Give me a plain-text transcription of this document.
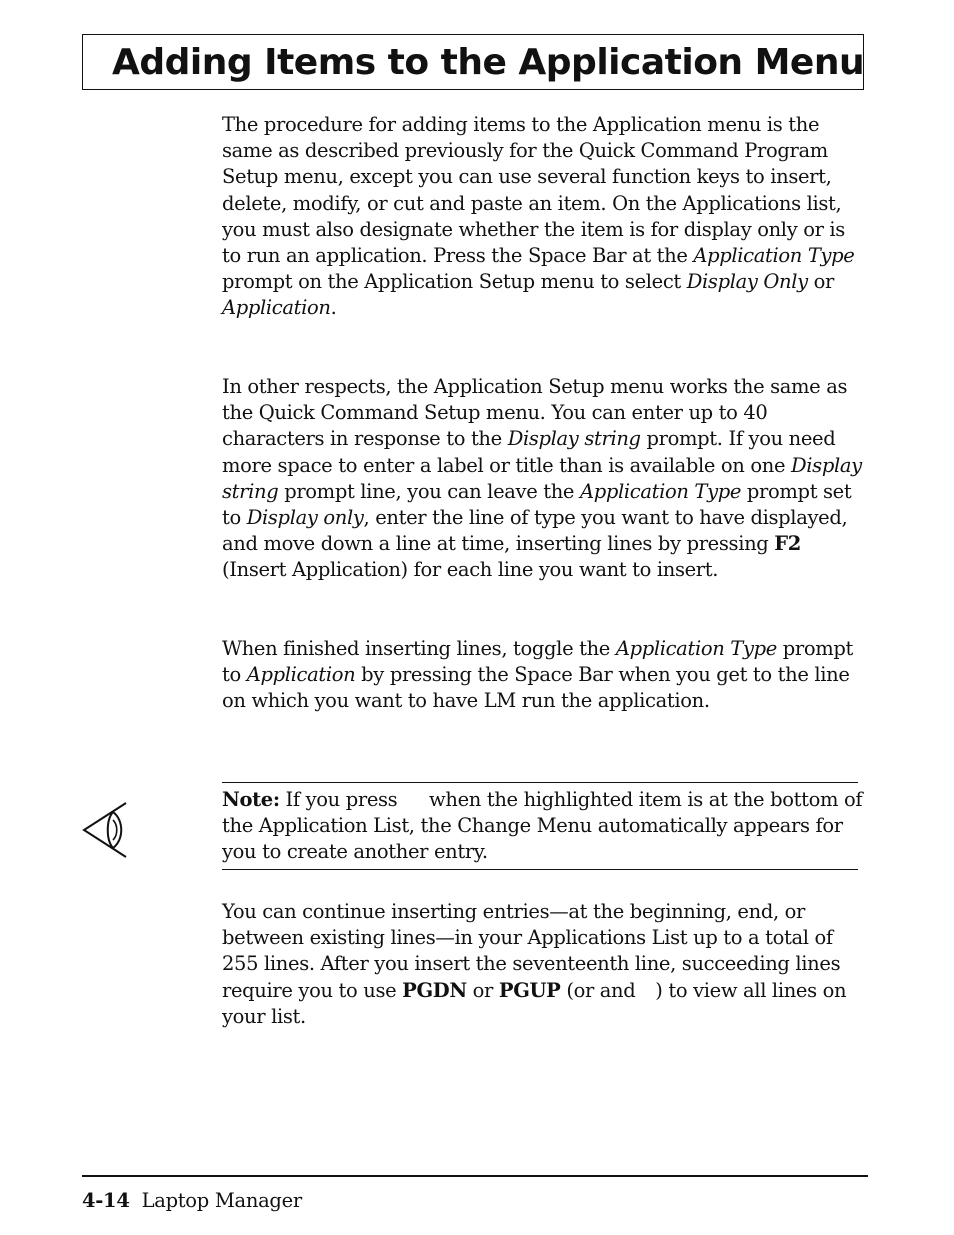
Adding Items to the Application Menu

The procedure for adding items to the Application menu is the same as described previously for the Quick Command Program Setup menu, except you can use several function keys to insert, delete, modify, or cut and paste an item. On the Applications list, you must also designate whether the item is for display only or is to run an application. Press the Space Bar at the Application Type prompt on the Application Setup menu to select Display Only or Application.

In other respects, the Application Setup menu works the same as the Quick Command Setup menu. You can enter up to 40 characters in response to the Display string prompt. If you need more space to enter a label or title than is available on one Display string prompt line, you can leave the Application Type prompt set to Display only, enter the line of type you want to have displayed, and move down a line at time, inserting lines by pressing F2 (Insert Application) for each line you want to insert.

When finished inserting lines, toggle the Application Type prompt to Application by pressing the Space Bar when you get to the line on which you want to have LM run the application.

Note: If you press  when the highlighted item is at the bottom of the Application List, the Change Menu automatically appears for you to create another entry.

You can continue inserting entries—at the beginning, end, or between existing lines—in your Applications List up to a total of 255 lines. After you insert the seventeenth line, succeeding lines require you to use PGDN or PGUP (or and ) to view all lines on your list.

4-14 Laptop Manager
